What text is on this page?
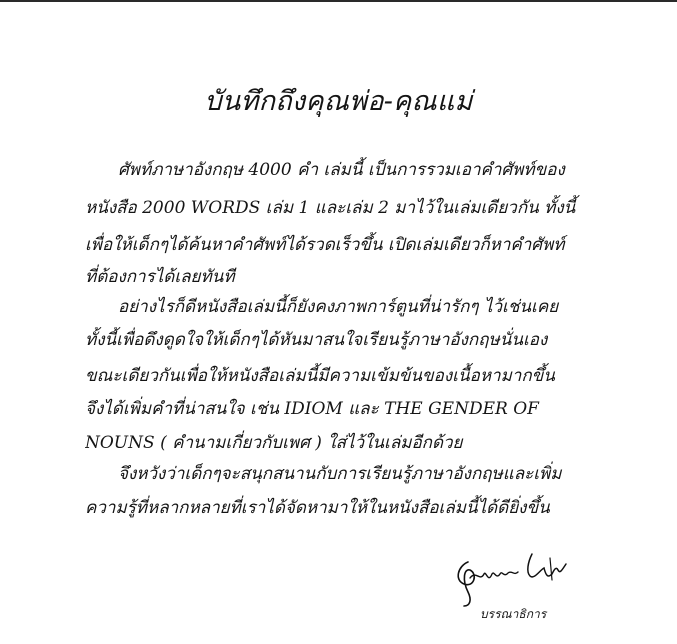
บันทึกถึงคุณพ่อ-คุณแม่
ศัพท์ภาษาอังกฤษ 4000 คำ เล่มนี้ เป็นการรวมเอาคำศัพท์ของ
หนังสือ 2000 WORDS เล่ม 1 และเล่ม 2 มาไว้ในเล่มเดียวกัน ทั้งนี้
เพื่อให้เด็กๆได้ค้นหาคำศัพท์ได้รวดเร็วขึ้น เปิดเล่มเดียวก็หาคำศัพท์
ที่ต้องการได้เลยทันที
อย่างไรก็ดีหนังสือเล่มนี้ก็ยังคงภาพการ์ตูนที่น่ารักๆ ไว้เช่นเคย
ทั้งนี้เพื่อดึงดูดใจให้เด็กๆได้หันมาสนใจเรียนรู้ภาษาอังกฤษนั่นเอง
ขณะเดียวกันเพื่อให้หนังสือเล่มนี้มีความเข้มข้นของเนื้อหามากขึ้น
จึงได้เพิ่มคำที่น่าสนใจ เช่น IDIOM และ THE GENDER OF
NOUNS ( คำนามเกี่ยวกับเพศ ) ใส่ไว้ในเล่มอีกด้วย
จึงหวังว่าเด็กๆจะสนุกสนานกับการเรียนรู้ภาษาอังกฤษและเพิ่ม
ความรู้ที่หลากหลายที่เราได้จัดหามาให้ในหนังสือเล่มนี้ได้ดียิ่งขึ้น
บรรณาธิการ
